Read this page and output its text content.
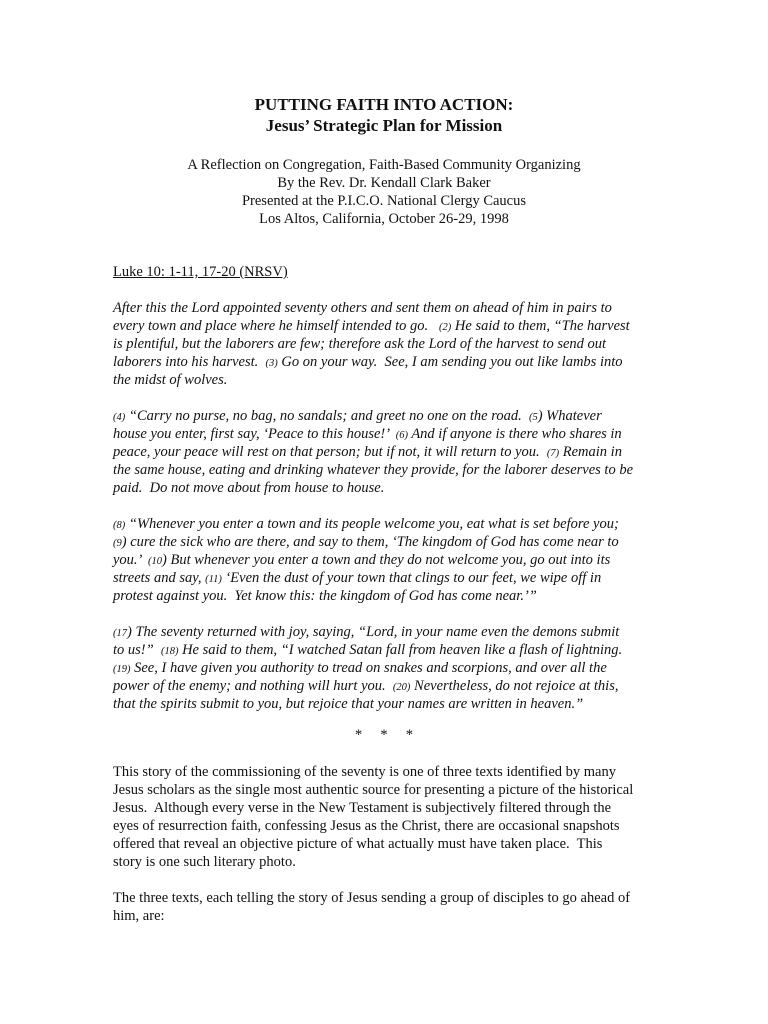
PUTTING FAITH INTO ACTION:
Jesus’ Strategic Plan for Mission
A Reflection on Congregation, Faith-Based Community Organizing
By the Rev. Dr. Kendall Clark Baker
Presented at the P.I.C.O. National Clergy Caucus
Los Altos, California, October 26-29, 1998
Luke 10: 1-11, 17-20 (NRSV)
After this the Lord appointed seventy others and sent them on ahead of him in pairs to
every town and place where he himself intended to go.   (2) He said to them, “The harvest
is plentiful, but the laborers are few; therefore ask the Lord of the harvest to send out
laborers into his harvest.  (3) Go on your way.  See, I am sending you out like lambs into
the midst of wolves.
(4) “Carry no purse, no bag, no sandals; and greet no one on the road.  (5) Whatever
house you enter, first say, ‘Peace to this house!’  (6) And if anyone is there who shares in
peace, your peace will rest on that person; but if not, it will return to you.  (7) Remain in
the same house, eating and drinking whatever they provide, for the laborer deserves to be
paid.  Do not move about from house to house.
(8) “Whenever you enter a town and its people welcome you, eat what is set before you;
(9) cure the sick who are there, and say to them, ‘The kingdom of God has come near to
you.’  (10) But whenever you enter a town and they do not welcome you, go out into its
streets and say, (11) ‘Even the dust of your town that clings to our feet, we wipe off in
protest against you.  Yet know this: the kingdom of God has come near.’”
(17) The seventy returned with joy, saying, “Lord, in your name even the demons submit
to us!”  (18) He said to them, “I watched Satan fall from heaven like a flash of lightning.
(19) See, I have given you authority to tread on snakes and scorpions, and over all the
power of the enemy; and nothing will hurt you.  (20) Nevertheless, do not rejoice at this,
that the spirits submit to you, but rejoice that your names are written in heaven.”
*     *     *
This story of the commissioning of the seventy is one of three texts identified by many
Jesus scholars as the single most authentic source for presenting a picture of the historical
Jesus.  Although every verse in the New Testament is subjectively filtered through the
eyes of resurrection faith, confessing Jesus as the Christ, there are occasional snapshots
offered that reveal an objective picture of what actually must have taken place.  This
story is one such literary photo.
The three texts, each telling the story of Jesus sending a group of disciples to go ahead of
him, are:
